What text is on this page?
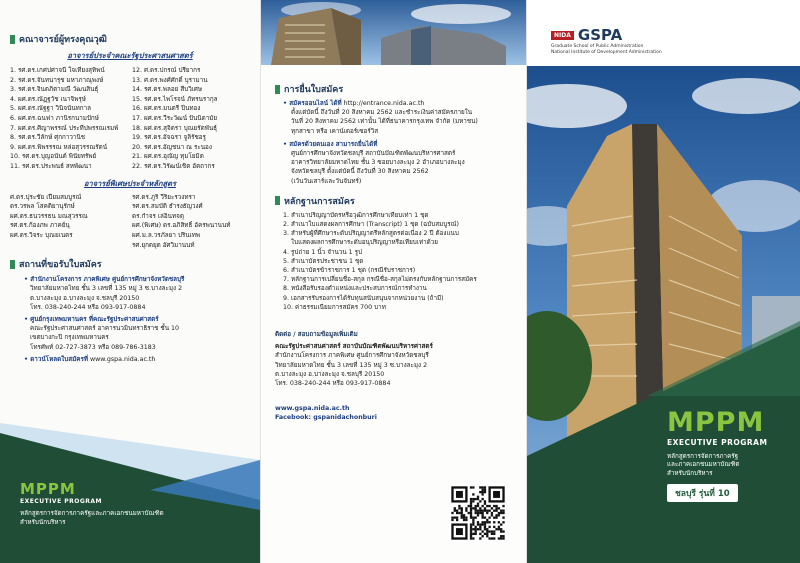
คณาจารย์ผู้ทรงคุณวุฒิ
อาจารย์ประจำคณะรัฐประศาสนศาสตร์
1. รศ.ดร.เกศปศาจนี ใจเที่ยงสุทิพน์
2. รศ.ดร.จันทนารุช มหาภาณุพงษ์
3. รศ.ดร.จินตภิตามณี วัฒนสินธุ์
4. ผศ.ดร.ณัฏฐวัช เนาจิพรุษ์
5. ผศ.ดร.ณัฐฐา วินิจนันทกาล
6. ผศ.ดร.ฉนฟา ภานิรกนามปักษ์
7. ผศ.ดร.ศิญาพรรณ์ ประทีปพรรณเรมพ์
8. รศ.ดร.วีลักษ์ ศุกกาวานิช
9. ผศ.ดร.พิพรรรณ หล่อสุวรรณรัตน์
10. รศ.ดร.บุญอนันต์ พินัยทรัพย์
11. รศ.ดร.ประพนธ์ สหพัฒนา
12. ศ.ดร.ปกรณ์ ปรียากร
13. ศ.ดร.พงศ์ศักดิ์ บุรามาน
14. รศ.ดร.พลอย สืบวิเศษ
15. รศ.ดร.ไพโรจน์ ภัทรนรากุล
16. ผศ.ดร.มนตรี ปิ่นทอง
17. ผศ.ดร.วีระวัฒน์ ปันนิตามัย
18. ผศ.ดร.สุจิตรา บุณยรัตพันธุ์
19. รศ.ดร.อัจฉรา จูลิรัชอรู
20. รศ.ดร.อัญชนา ณ ระนอง
21. ผศ.ดร.อุณัญ ทุมโยมิต
22. รศ.ดร.วิรัฒน์เชิต อัตถากร
อาจารย์พิเศษประจำหลักสูตร
ศ.ดร.ปุระชัย เปี่ยมสมบูรณ์
ดร.วรพล โสคติยานุรักษ์
ผศ.ดร.ธนวรรธน มณสุวรรณ
รศ.ดร.ก้องภพ ภาคย์นุ
ผศ.ดร.วิจระ บุณยเนตร
รศ.ดร.ภูริ วีริยะรวงทรา
รศ.ดร.สมบัติ ธำรงธัญวงศ์
ดร.กำจร เล่อินทจตุ
ผศ.(พิเศษ) ดร.อภิสิทธิ์ อัครพนานนท์
ผศ.ม.ล.วรภัลยา ปรินเทพ
รศ.ยุกตยุต อัศวิมานนท์
สถานที่ขอรับใบสมัคร
• สำนักงานโครงการ ภาคพิเศษ ศูนย์การศึกษาจังหวัดชลบุรี
วิทยาลัยมหาดไทย ชั้น 3 เลขที่ 135 หมู่ 3 ซ.บางละมุง 2
ต.บางละมุง อ.บางละมุง จ.ชลบุรี 20150
โทร. 038-240-244 หรือ 093-917-0884
• ศูนย์กรุงเทพมหานคร ที่คณะรัฐประศาสนศาสตร์
คณะรัฐประศาสนศาสตร์ อาคารนวมินทราธิราช ชั้น 10
เขตบางกะปิ กรุงเทพมหานคร
โทรศัพท์ 02-727-3873 หรือ 089-786-3183
• ดาวน์โหลดใบสมัครที่ www.gspa.nida.ac.th
MPPM
EXECUTIVE PROGRAM
หลักสูตรการจัดการภาครัฐและภาคเอกชนมหาบัณฑิต
สำหรับนักบริหาร
การยื่นใบสมัคร
• สมัครออนไลน์ ได้ที่ http://entrance.nida.ac.th
ตั้งแต่บัดนี้ ถึงวันที่ 20 สิงหาคม 2562 และชำระเงินค่าสมัครภายใน
วันที่ 20 สิงหาคม 2562 เท่านั้น ได้ที่ธนาคารกรุงเทพ จำกัด (มหาชน)
ทุกสาขา หรือ เคาน์เตอร์เซอร์วิส
• สมัครด้วยตนเอง สามารถยื่นได้ที่
ศูนย์การศึกษาจังหวัดชลบุรี สถาบันบัณฑิตพัฒนบริหารศาสตร์
อาคารวิทยาลัยมหาดไทย ชั้น 3 ซอยบางละมุง 2 อำเภอบางละมุง
จังหวัดชลบุรี ตั้งแต่บัดนี้ ถึงวันที่ 30 สิงหาคม 2562
(เว้นวันเสาร์และวันจันทร์)
หลักฐานการสมัคร
1. สำเนาปริญญาบัตรหรือวุฒิการศึกษาเทียบเท่า 1 ชุด
2. สำเนาใบแสดงผลการศึกษา (Transcript) 1 ชุด (ฉบับสมบูรณ์)
3. สำหรับผู้ที่ศึกษาระดับปริญญาตรีหลักสูตรต่อเนื่อง 2 ปี ต้องแนบ
ใบแสดงผลการศึกษาระดับอนุปริญญาหรือเทียบเท่าด้วย
4. รูปถ่าย 1 นิ้ว จำนวน 1 รูป
5. สำเนาบัตรประชาชน 1 ชุด
6. สำเนาบัตรข้าราชการ 1 ชุด (กรณีรับราชการ)
7. หลักฐานการเปลี่ยนชื่อ-สกุล กรณีชื่อ-สกุลไม่ตรงกับหลักฐานการสมัคร
8. หนังสือรับรองตำแหน่งและประสบการณ์การทำงาน
9. เอกสารรับรองการได้รับทุนสนับสนุนจากหน่วยงาน (ถ้ามี)
10. ค่าธรรมเนียมการสมัคร 700 บาท
ติดต่อ / สอบถามข้อมูลเพิ่มเติม
คณะรัฐประศาสนศาสตร์ สถาบันบัณฑิตพัฒนบริหารศาสตร์
สำนักงานโครงการ ภาคพิเศษ ศูนย์การศึกษาจังหวัดชลบุรี
วิทยาลัยมหาดไทย ชั้น 3 เลขที่ 135 หมู่ 3 ซ.บางละมุง 2
ต.บางละมุง อ.บางละมุง จ.ชลบุรี 20150
โทร. 038-240-244 หรือ 093-917-0884
www.gspa.nida.ac.th
Facebook: gspanidachonburi
NIDA GSPA
Graduate School of Public Administration
National Institute of Development Administration
MPPM
EXECUTIVE PROGRAM
หลักสูตรการจัดการภาครัฐ
และภาคเอกชนมหาบัณฑิต
สำหรับนักบริหาร
ชลบุรี รุ่นที่ 10
